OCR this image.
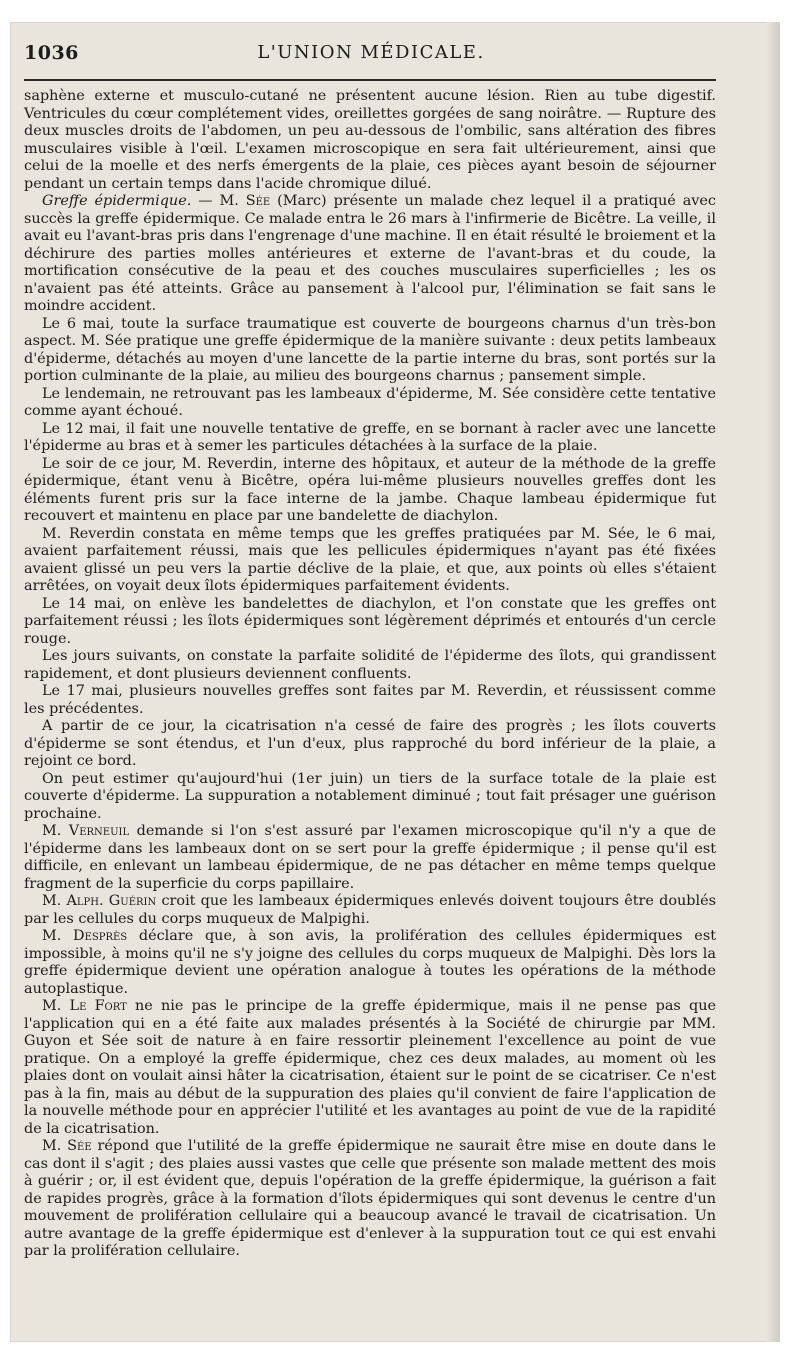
1036	L'UNION MÉDICALE.

saphène externe et musculo-cutané ne présentent aucune lésion. Rien au tube digestif. Ventricules du cœur complétement vides, oreillettes gorgées de sang noirâtre. — Rupture des deux muscles droits de l'abdomen, un peu au-dessous de l'ombilic, sans altération des fibres musculaires visible à l'œil. L'examen microscopique en sera fait ultérieurement, ainsi que celui de la moelle et des nerfs émergents de la plaie, ces pièces ayant besoin de séjourner pendant un certain temps dans l'acide chromique dilué.

Greffe épidermique. — M. Sée (Marc) présente un malade chez lequel il a pratiqué avec succès la greffe épidermique. Ce malade entra le 26 mars à l'infirmerie de Bicêtre. La veille, il avait eu l'avant-bras pris dans l'engrenage d'une machine. Il en était résulté le broiement et la déchirure des parties molles antérieures et externe de l'avant-bras et du coude, la mortification consécutive de la peau et des couches musculaires superficielles ; les os n'avaient pas été atteints. Grâce au pansement à l'alcool pur, l'élimination se fait sans le moindre accident.

Le 6 mai, toute la surface traumatique est couverte de bourgeons charnus d'un très-bon aspect. M. Sée pratique une greffe épidermique de la manière suivante : deux petits lambeaux d'épiderme, détachés au moyen d'une lancette de la partie interne du bras, sont portés sur la portion culminante de la plaie, au milieu des bourgeons charnus ; pansement simple.

Le lendemain, ne retrouvant pas les lambeaux d'épiderme, M. Sée considère cette tentative comme ayant échoué.

Le 12 mai, il fait une nouvelle tentative de greffe, en se bornant à racler avec une lancette l'épiderme au bras et à semer les particules détachées à la surface de la plaie.

Le soir de ce jour, M. Reverdin, interne des hôpitaux, et auteur de la méthode de la greffe épidermique, étant venu à Bicêtre, opéra lui-même plusieurs nouvelles greffes dont les éléments furent pris sur la face interne de la jambe. Chaque lambeau épidermique fut recouvert et maintenu en place par une bandelette de diachylon.

M. Reverdin constata en même temps que les greffes pratiquées par M. Sée, le 6 mai, avaient parfaitement réussi, mais que les pellicules épidermiques n'ayant pas été fixées avaient glissé un peu vers la partie déclive de la plaie, et que, aux points où elles s'étaient arrêtées, on voyait deux îlots épidermiques parfaitement évidents.

Le 14 mai, on enlève les bandelettes de diachylon, et l'on constate que les greffes ont parfaitement réussi ; les îlots épidermiques sont légèrement déprimés et entourés d'un cercle rouge.

Les jours suivants, on constate la parfaite solidité de l'épiderme des îlots, qui grandissent rapidement, et dont plusieurs deviennent confluents.

Le 17 mai, plusieurs nouvelles greffes sont faites par M. Reverdin, et réussissent comme les précédentes.

A partir de ce jour, la cicatrisation n'a cessé de faire des progrès ; les îlots couverts d'épiderme se sont étendus, et l'un d'eux, plus rapproché du bord inférieur de la plaie, a rejoint ce bord.

On peut estimer qu'aujourd'hui (1er juin) un tiers de la surface totale de la plaie est couverte d'épiderme. La suppuration a notablement diminué ; tout fait présager une guérison prochaine.

M. Verneuil demande si l'on s'est assuré par l'examen microscopique qu'il n'y a que de l'épiderme dans les lambeaux dont on se sert pour la greffe épidermique ; il pense qu'il est difficile, en enlevant un lambeau épidermique, de ne pas détacher en même temps quelque fragment de la superficie du corps papillaire.

M. Alph. Guérin croit que les lambeaux épidermiques enlevés doivent toujours être doublés par les cellules du corps muqueux de Malpighi.

M. Desprès déclare que, à son avis, la prolifération des cellules épidermiques est impossible, à moins qu'il ne s'y joigne des cellules du corps muqueux de Malpighi. Dès lors la greffe épidermique devient une opération analogue à toutes les opérations de la méthode autoplastique.

M. Le Fort ne nie pas le principe de la greffe épidermique, mais il ne pense pas que l'application qui en a été faite aux malades présentés à la Société de chirurgie par MM. Guyon et Sée soit de nature à en faire ressortir pleinement l'excellence au point de vue pratique. On a employé la greffe épidermique, chez ces deux malades, au moment où les plaies dont on voulait ainsi hâter la cicatrisation, étaient sur le point de se cicatriser. Ce n'est pas à la fin, mais au début de la suppuration des plaies qu'il convient de faire l'application de la nouvelle méthode pour en apprécier l'utilité et les avantages au point de vue de la rapidité de la cicatrisation.

M. Sée répond que l'utilité de la greffe épidermique ne saurait être mise en doute dans le cas dont il s'agit ; des plaies aussi vastes que celle que présente son malade mettent des mois à guérir ; or, il est évident que, depuis l'opération de la greffe épidermique, la guérison a fait de rapides progrès, grâce à la formation d'îlots épidermiques qui sont devenus le centre d'un mouvement de prolifération cellulaire qui a beaucoup avancé le travail de cicatrisation. Un autre avantage de la greffe épidermique est d'enlever à la suppuration tout ce qui est envahi par la prolifération cellulaire.
